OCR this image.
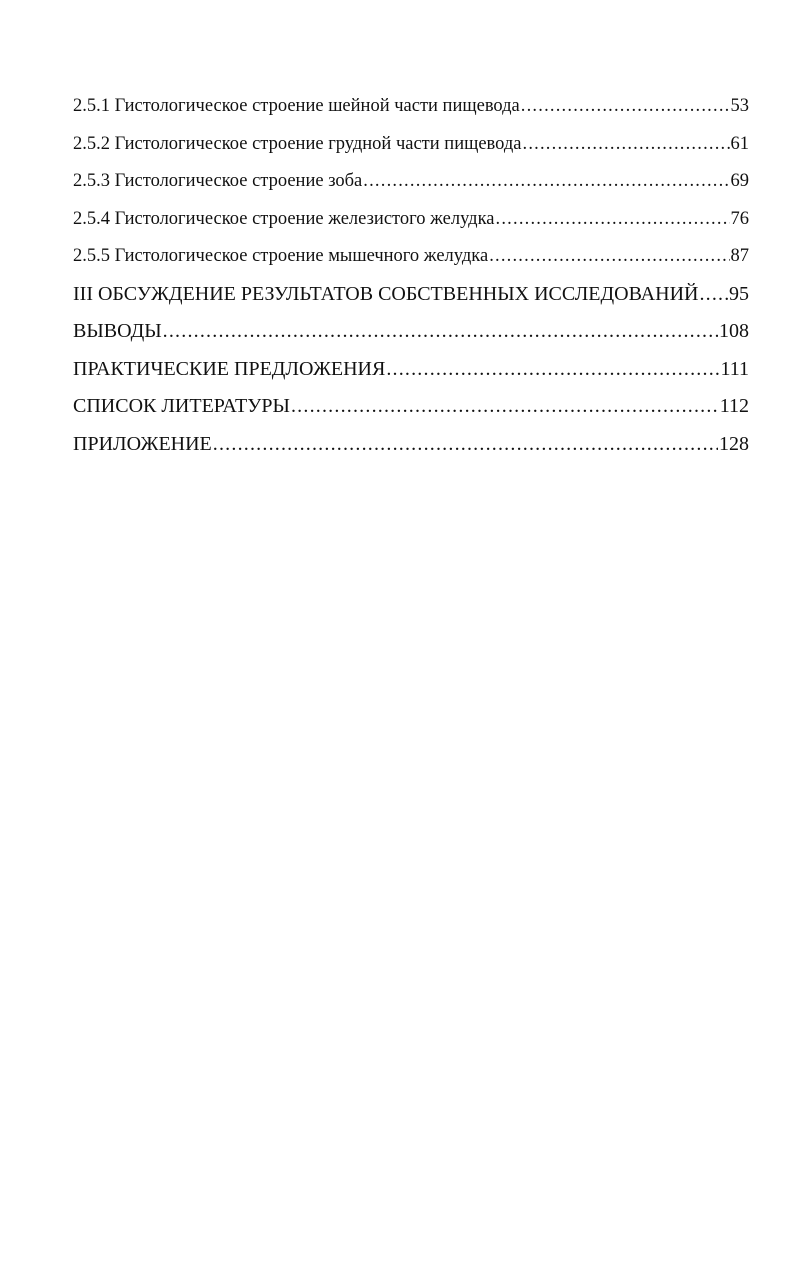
2.5.1 Гистологическое строение шейной части пищевода .....	53
2.5.2 Гистологическое строение грудной части пищевода .....	61
2.5.3 Гистологическое строение зоба .....	69
2.5.4 Гистологическое строение железистого желудка .....	76
2.5.5 Гистологическое строение мышечного желудка .....	87
III ОБСУЖДЕНИЕ РЕЗУЛЬТАТОВ СОБСТВЕННЫХ ИССЛЕДОВАНИЙ ..... 95
ВЫВОДЫ .....	108
ПРАКТИЧЕСКИЕ ПРЕДЛОЖЕНИЯ .....	111
СПИСОК ЛИТЕРАТУРЫ .....	112
ПРИЛОЖЕНИЕ .....	128
